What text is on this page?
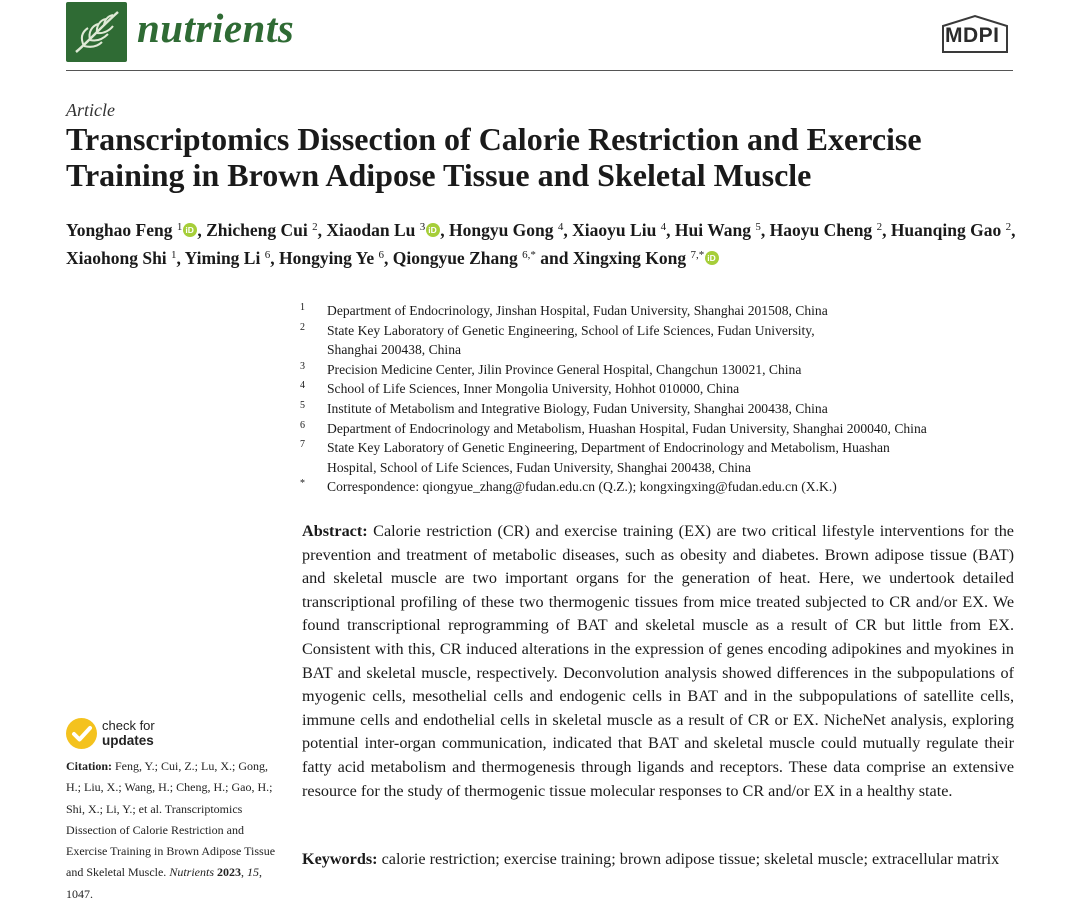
nutrients	MDPI
Article
Transcriptomics Dissection of Calorie Restriction and Exercise Training in Brown Adipose Tissue and Skeletal Muscle
Yonghao Feng $^1$ iD , Zhicheng Cui $^2$, Xiaodan Lu $^3$ iD , Hongyu Gong $^4$, Xiaoyu Liu $^4$, Hui Wang $^5$, Haoyu Cheng $^2$, Huanqing Gao $^2$, Xiaohong Shi $^1$, Yiming Li $^6$, Hongying Ye $^6$, Qiongyue Zhang $^{6,*}$ and Xingxing Kong $^{7,*}$iD
1 Department of Endocrinology, Jinshan Hospital, Fudan University, Shanghai 201508, China
2 State Key Laboratory of Genetic Engineering, School of Life Sciences, Fudan University,
Shanghai 200438, China
3 Precision Medicine Center, Jilin Province General Hospital, Changchun 130021, China
4 School of Life Sciences, Inner Mongolia University, Hohhot 010000, China
5 Institute of Metabolism and Integrative Biology, Fudan University, Shanghai 200438, China
6 Department of Endocrinology and Metabolism, Huashan Hospital, Fudan University, Shanghai 200040, China
7 State Key Laboratory of Genetic Engineering, Department of Endocrinology and Metabolism, Huashan
Hospital, School of Life Sciences, Fudan University, Shanghai 200438, China
* Correspondence: qiongyue_zhang@fudan.edu.cn (Q.Z.); kongxingxing@fudan.edu.cn (X.K.)
Abstract: Calorie restriction (CR) and exercise training (EX) are two critical lifestyle interventions for the prevention and treatment of metabolic diseases, such as obesity and diabetes. Brown adipose tissue (BAT) and skeletal muscle are two important organs for the generation of heat. Here, we undertook detailed transcriptional profiling of these two thermogenic tissues from mice treated subjected to CR and/or EX. We found transcriptional reprogramming of BAT and skeletal muscle as a result of CR but little from EX. Consistent with this, CR induced alterations in the expression of genes encoding adipokines and myokines in BAT and skeletal muscle, respectively. Deconvolution analysis showed differences in the subpopulations of myogenic cells, mesothelial cells and endogenic cells in BAT and in the subpopulations of satellite cells, immune cells and endothelial cells in skeletal muscle as a result of CR or EX. NicheNet analysis, exploring potential inter-organ communication, indicated that BAT and skeletal muscle could mutually regulate their fatty acid metabolism and thermogenesis through ligands and receptors. These data comprise an extensive resource for the study of thermogenic tissue molecular responses to CR and/or EX in a healthy state.
Keywords: calorie restriction; exercise training; brown adipose tissue; skeletal muscle; extracellular matrix
check for
updates
Citation: Feng, Y.; Cui, Z.; Lu, X.; Gong, H.; Liu, X.; Wang, H.; Cheng, H.; Gao, H.; Shi, X.; Li, Y.; et al. Transcriptomics Dissection of Calorie Restriction and Exercise Training in Brown Adipose Tissue and Skeletal Muscle. Nutrients 2023, 15, 1047.
